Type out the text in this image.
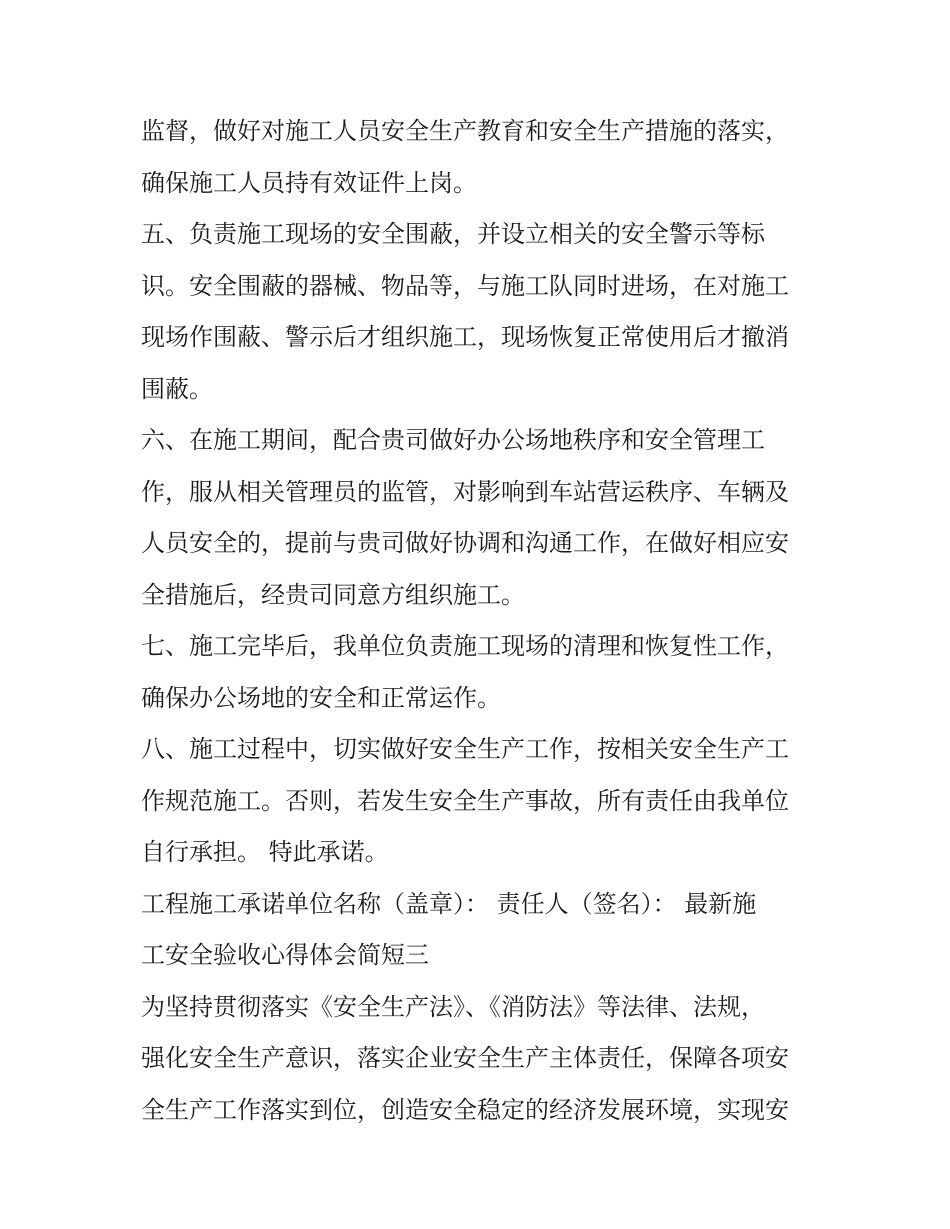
监督，做好对施工人员安全生产教育和安全生产措施的落实，
确保施工人员持有效证件上岗。
五、负责施工现场的安全围蔽，并设立相关的安全警示等标
识。安全围蔽的器械、物品等，与施工队同时进场，在对施工
现场作围蔽、警示后才组织施工，现场恢复正常使用后才撤消
围蔽。
六、在施工期间，配合贵司做好办公场地秩序和安全管理工
作，服从相关管理员的监管，对影响到车站营运秩序、车辆及
人员安全的，提前与贵司做好协调和沟通工作，在做好相应安
全措施后，经贵司同意方组织施工。
七、施工完毕后，我单位负责施工现场的清理和恢复性工作，
确保办公场地的安全和正常运作。
八、施工过程中，切实做好安全生产工作，按相关安全生产工
作规范施工。否则，若发生安全生产事故，所有责任由我单位
自行承担。 特此承诺。
工程施工承诺单位名称（盖章）： 责任人（签名）： 最新施
工安全验收心得体会简短三
为坚持贯彻落实《安全生产法》、《消防法》等法律、法规，
强化安全生产意识，落实企业安全生产主体责任，保障各项安
全生产工作落实到位，创造安全稳定的经济发展环境，实现安
